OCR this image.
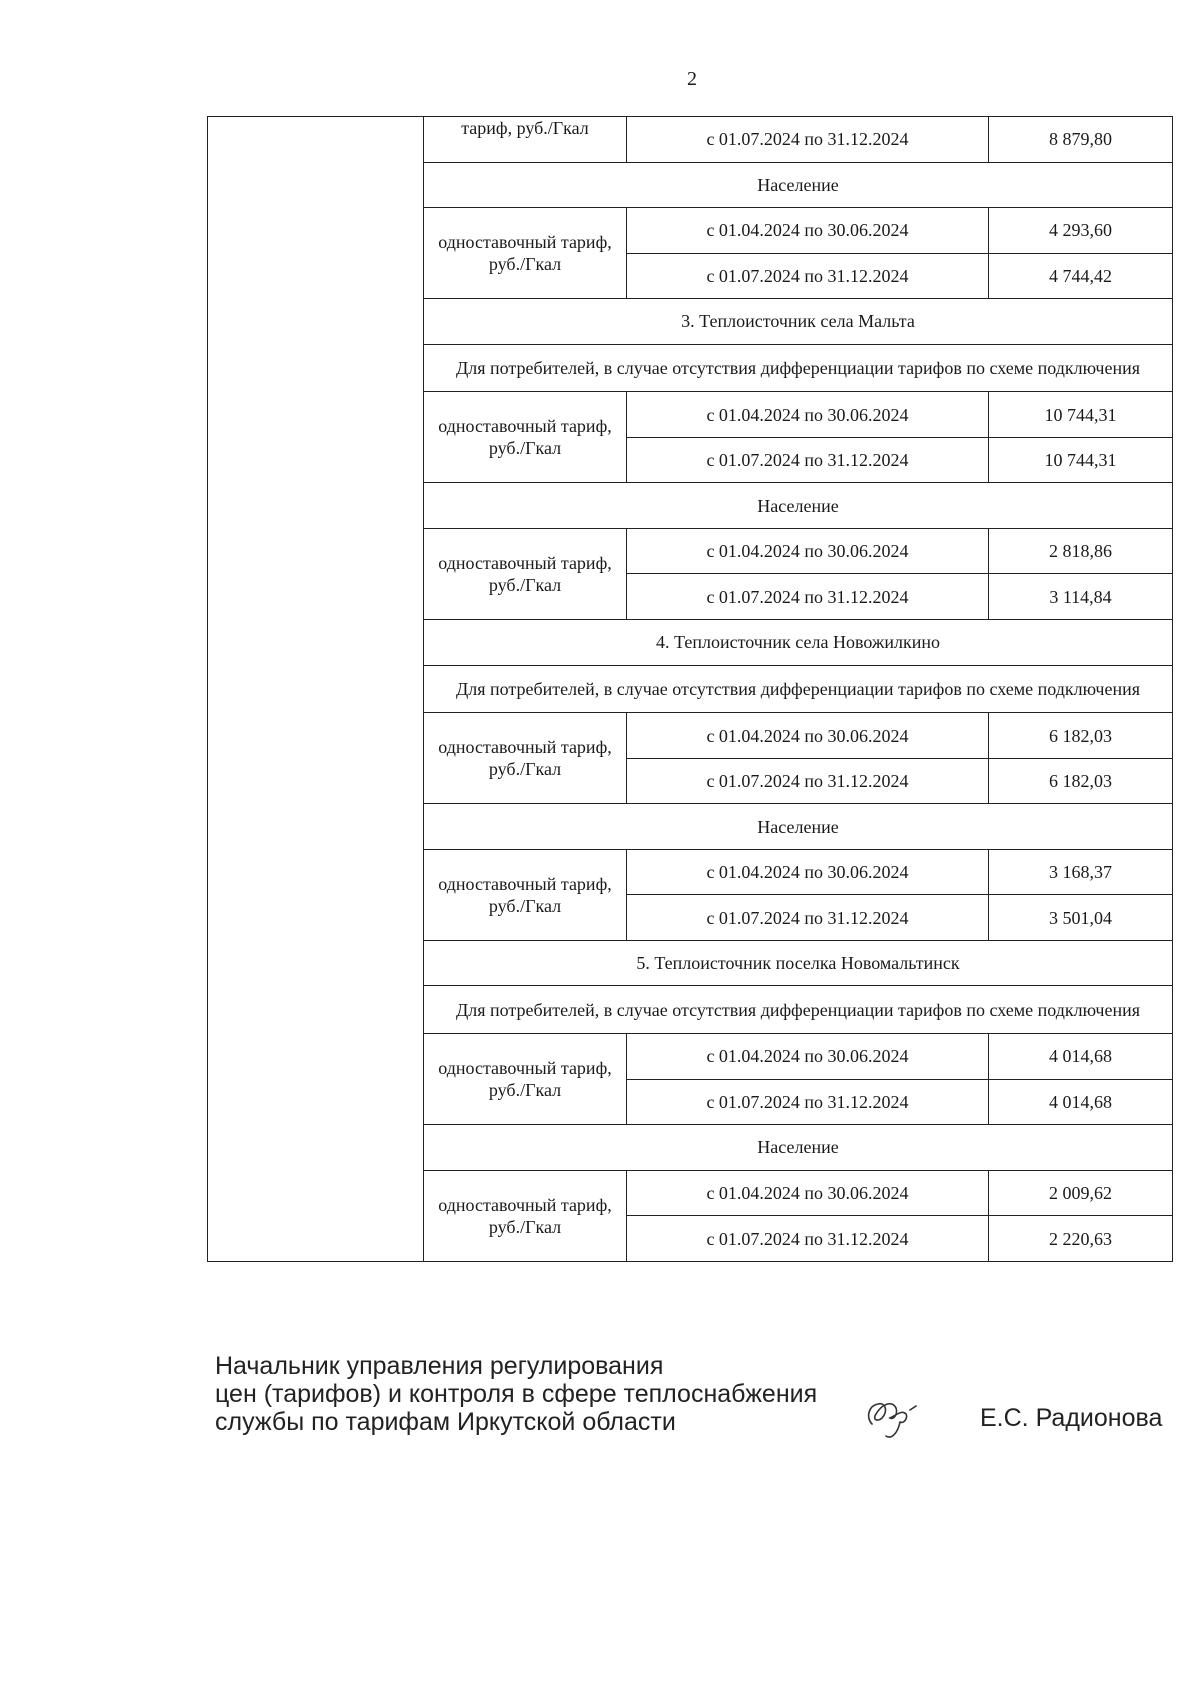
2
	тариф, руб./Гкал	с 01.07.2024 по 31.12.2024	8 879,80
	Население		
	одноставочный тариф, руб./Гкал	с 01.04.2024 по 30.06.2024	4 293,60
		с 01.07.2024 по 31.12.2024	4 744,42
	3. Теплоисточник села Мальта		
	Для потребителей, в случае отсутствия дифференциации тарифов по схеме подключения		
	одноставочный тариф, руб./Гкал	с 01.04.2024 по 30.06.2024	10 744,31
		с 01.07.2024 по 31.12.2024	10 744,31
	Население		
	одноставочный тариф, руб./Гкал	с 01.04.2024 по 30.06.2024	2 818,86
		с 01.07.2024 по 31.12.2024	3 114,84
	4. Теплоисточник села Новожилкино		
	Для потребителей, в случае отсутствия дифференциации тарифов по схеме подключения		
	одноставочный тариф, руб./Гкал	с 01.04.2024 по 30.06.2024	6 182,03
		с 01.07.2024 по 31.12.2024	6 182,03
	Население		
	одноставочный тариф, руб./Гкал	с 01.04.2024 по 30.06.2024	3 168,37
		с 01.07.2024 по 31.12.2024	3 501,04
	5. Теплоисточник поселка Новомальтинск		
	Для потребителей, в случае отсутствия дифференциации тарифов по схеме подключения		
	одноставочный тариф, руб./Гкал	с 01.04.2024 по 30.06.2024	4 014,68
		с 01.07.2024 по 31.12.2024	4 014,68
	Население		
	одноставочный тариф, руб./Гкал	с 01.04.2024 по 30.06.2024	2 009,62
		с 01.07.2024 по 31.12.2024	2 220,63
Начальник управления регулирования
цен (тарифов) и контроля в сфере теплоснабжения
службы по тарифам Иркутской области	Е.С. Радионова
